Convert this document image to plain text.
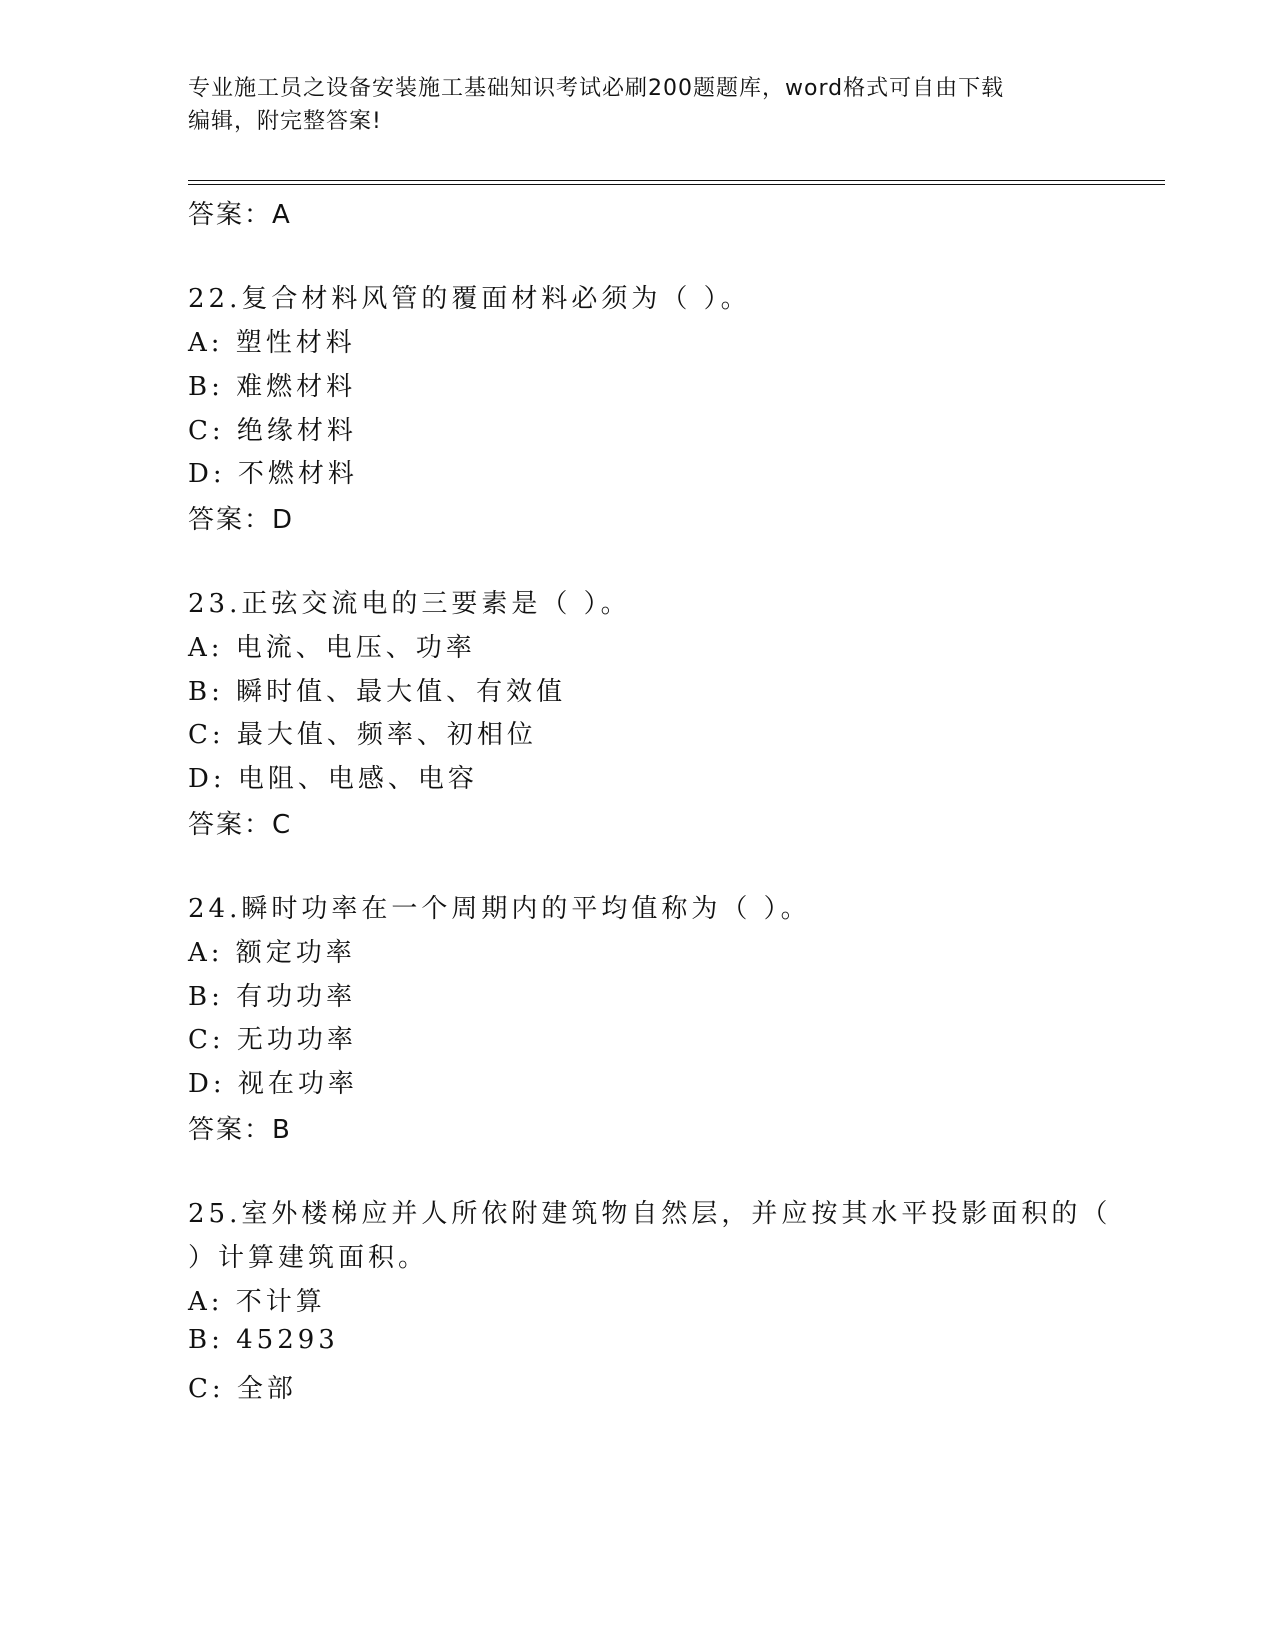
专业施工员之设备安装施工基础知识考试必刷200题题库，word格式可自由下载
编辑，附完整答案!
答案：A
22.复合材料风管的覆面材料必须为（ ）。
A: 塑性材料
B: 难燃材料
C: 绝缘材料
D: 不燃材料
答案：D
23.正弦交流电的三要素是（ ）。
A: 电流、电压、功率
B: 瞬时值、最大值、有效值
C: 最大值、频率、初相位
D: 电阻、电感、电容
答案：C
24.瞬时功率在一个周期内的平均值称为（ ）。
A: 额定功率
B: 有功功率
C: 无功功率
D: 视在功率
答案：B
25.室外楼梯应并人所依附建筑物自然层，并应按其水平投影面积的（
）计算建筑面积。
A: 不计算
B: 45293
C: 全部
